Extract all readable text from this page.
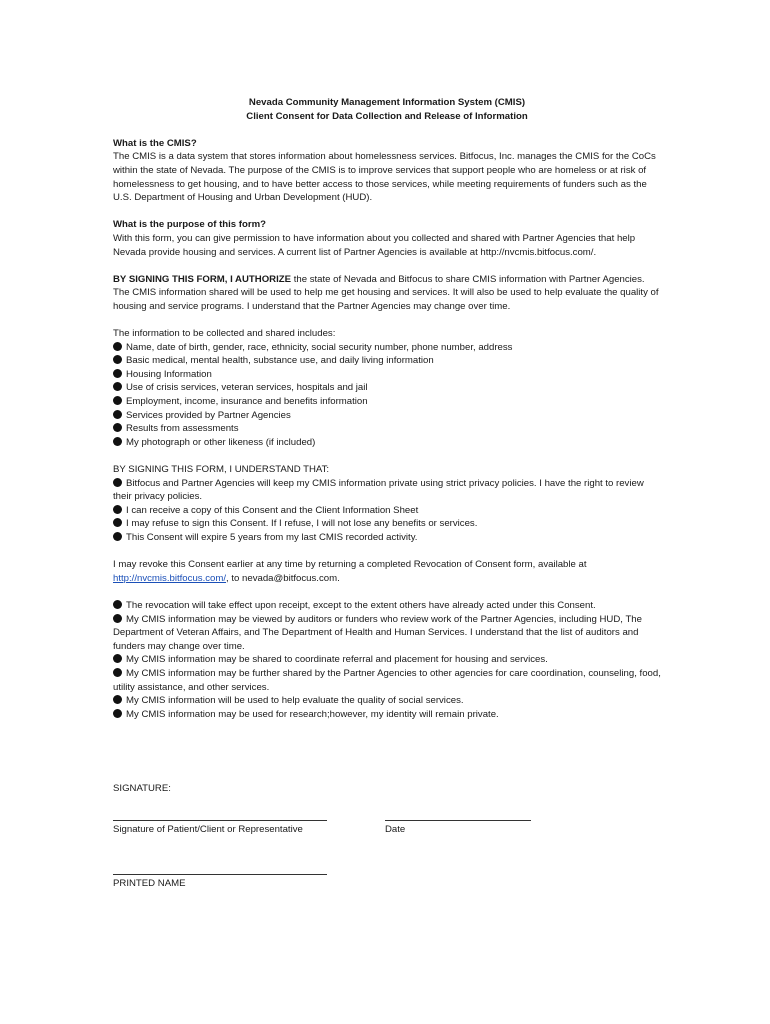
Nevada Community Management Information System (CMIS)

Client Consent for Data Collection and Release of Information

What is the CMIS?

The CMIS is a data system that stores information about homelessness services. Bitfocus, Inc. manages the CMIS for the CoCs within the state of Nevada. The purpose of the CMIS is to improve services that support people who are homeless or at risk of homelessness to get housing, and to have better access to those services, while meeting requirements of funders such as the U.S. Department of Housing and Urban Development (HUD).

What is the purpose of this form?

With this form, you can give permission to have information about you collected and shared with Partner Agencies that help Nevada provide housing and services. A current list of Partner Agencies is available at http://nvcmis.bitfocus.com/.

BY SIGNING THIS FORM, I AUTHORIZE the state of Nevada and Bitfocus to share CMIS information with Partner Agencies. The CMIS information shared will be used to help me get housing and services. It will also be used to help evaluate the quality of housing and service programs. I understand that the Partner Agencies may change over time.

The information to be collected and shared includes:

Name, date of birth, gender, race, ethnicity, social security number, phone number, address
Basic medical, mental health, substance use, and daily living information
Housing Information
Use of crisis services, veteran services, hospitals and jail
Employment, income, insurance and benefits information
Services provided by Partner Agencies
Results from assessments
My photograph or other likeness (if included)

BY SIGNING THIS FORM, I UNDERSTAND THAT:

Bitfocus and Partner Agencies will keep my CMIS information private using strict privacy policies. I have the right to review their privacy policies.
I can receive a copy of this Consent and the Client Information Sheet
I may refuse to sign this Consent. If I refuse, I will not lose any benefits or services.
This Consent will expire 5 years from my last CMIS recorded activity.

I may revoke this Consent earlier at any time by returning a completed Revocation of Consent form, available at
http://nvcmis.bitfocus.com/, to nevada@bitfocus.com.

The revocation will take effect upon receipt, except to the extent others have already acted under this Consent.
My CMIS information may be viewed by auditors or funders who review work of the Partner Agencies, including HUD, The Department of Veteran Affairs, and The Department of Health and Human Services. I understand that the list of auditors and funders may change over time.
My CMIS information may be shared to coordinate referral and placement for housing and services.
My CMIS information may be further shared by the Partner Agencies to other agencies for care coordination, counseling, food, utility assistance, and other services.
My CMIS information will be used to help evaluate the quality of social services.
My CMIS information may be used for research;however, my identity will remain private.
SIGNATURE:
Signature of Patient/Client or Representative	Date
PRINTED NAME
